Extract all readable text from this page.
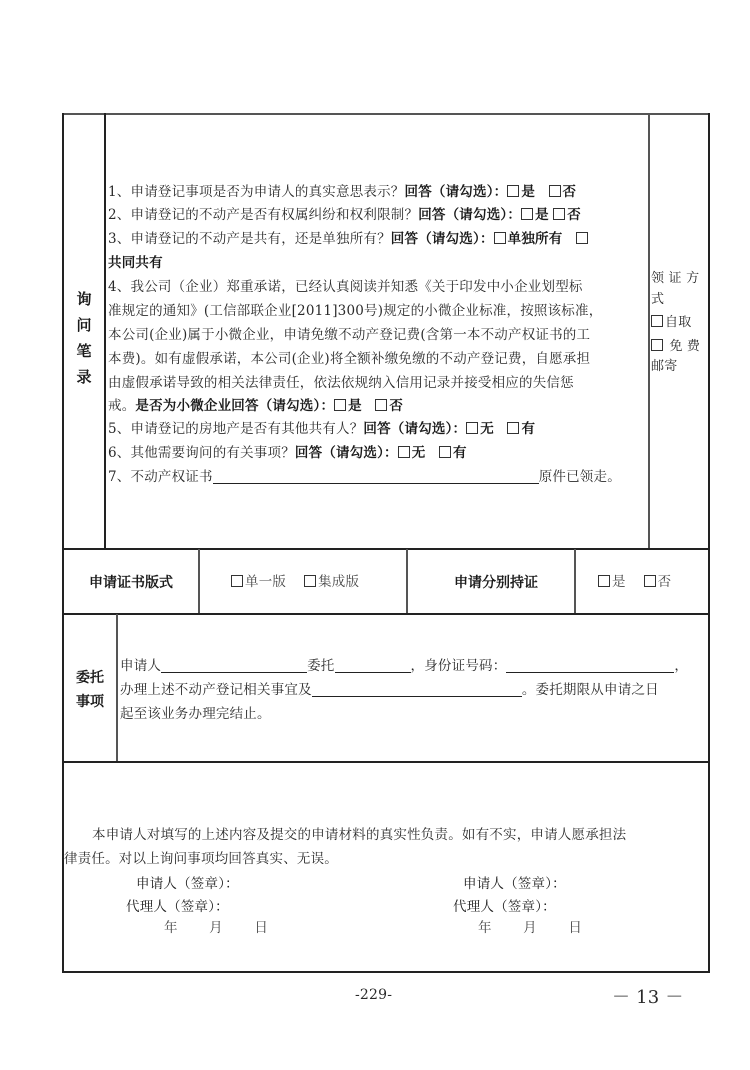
询
问
笔
录
1、申请登记事项是否为申请人的真实意思表示？回答（请勾选）： 是 否
2、申请登记的不动产是否有权属纠纷和权利限制？回答（请勾选）： 是 否
3、申请登记的不动产是共有，还是单独所有？回答（请勾选）： 单独所有
共同共有
4、我公司（企业）郑重承诺，已经认真阅读并知悉《关于印发中小企业划型标
准规定的通知》(工信部联企业[2011]300号)规定的小微企业标准，按照该标准，
本公司(企业)属于小微企业，申请免缴不动产登记费(含第一本不动产权证书的工
本费)。如有虚假承诺，本公司(企业)将全额补缴免缴的不动产登记费，自愿承担
由虚假承诺导致的相关法律责任，依法依规纳入信用记录并接受相应的失信惩
戒。是否为小微企业回答（请勾选）： 是 否
5、申请登记的房地产是否有其他共有人？回答（请勾选）： 无 有
6、其他需要询问的有关事项？回答（请勾选）： 无 有
7、不动产权证书	原件已领走。
领 证 方
式
自取
免 费
邮寄
申请证书版式	单一版 集成版	申请分别持证	是 否
委托
事项
申请人	委托	，身份证号码：	，
办理上述不动产登记相关事宜及	。委托期限从申请之日
起至该业务办理完结止。
本申请人对填写的上述内容及提交的申请材料的真实性负责。如有不实，申请人愿承担法
律责任。对以上询问事项均回答真实、无误。
申请人（签章）：
代理人（签章）：
年 月 日
申请人（签章）：
代理人（签章）：
年 月 日
-229-	－ 13 －
